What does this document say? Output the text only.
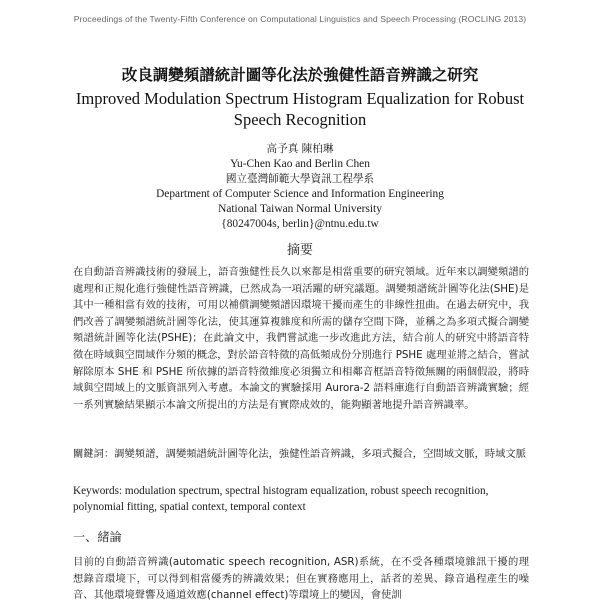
Proceedings of the Twenty-Fifth Conference on Computational Linguistics and Speech Processing (ROCLING 2013)
改良調變頻譜統計圖等化法於強健性語音辨識之研究
Improved Modulation Spectrum Histogram Equalization for Robust Speech Recognition
高予真 陳柏琳
Yu-Chen Kao and Berlin Chen
國立臺灣師範大學資訊工程學系
Department of Computer Science and Information Engineering
National Taiwan Normal University
{80247004s, berlin}@ntnu.edu.tw
摘要

在自動語音辨識技術的發展上，語音強健性長久以來都是相當重要的研究領域。近年來以調變頻譜的處理和正規化進行強健性語音辨識，已然成為一項活躍的研究議題。調變頻譜統計圖等化法(SHE)是其中一種相當有效的技術，可用以補償調變頻譜因環境干擾而產生的非線性扭曲。在過去研究中，我們改善了調變頻譜統計圖等化法，使其運算複雜度和所需的儲存空間下降，並稱之為多項式擬合調變頻譜統計圖等化法(PSHE)；在此論文中，我們嘗試進一步改進此方法，結合前人的研究中將語音特徵在時域與空間域作分頻的概念，對於語音特徵的高低頻成份分別進行 PSHE 處理並將之結合，嘗試解除原本 SHE 和 PSHE 所依據的語音特徵維度必須獨立和相鄰音框語音特徵無關的兩個假設，將時域與空間域上的文脈資訊列入考慮。本論文的實驗採用 Aurora-2 語料庫進行自動語音辨識實驗；經一系列實驗結果顯示本論文所提出的方法是有實際成效的，能夠顯著地提升語音辨識率。

關鍵詞：調變頻譜，調變頻譜統計圖等化法，強健性語音辨識，多項式擬合，空間域文脈，時域文脈
Keywords: modulation spectrum, spectral histogram equalization, robust speech recognition, polynomial fitting, spatial context, temporal context
一、緒論
目前的自動語音辨識(automatic speech recognition, ASR)系統，在不受各種環境雜訊干擾的理想錄音環境下，可以得到相當優秀的辨識效果；但在實務應用上，話者的差異、錄音過程產生的噪音、其他環境聲響及通道效應(channel effect)等環境上的變因，會使訓
